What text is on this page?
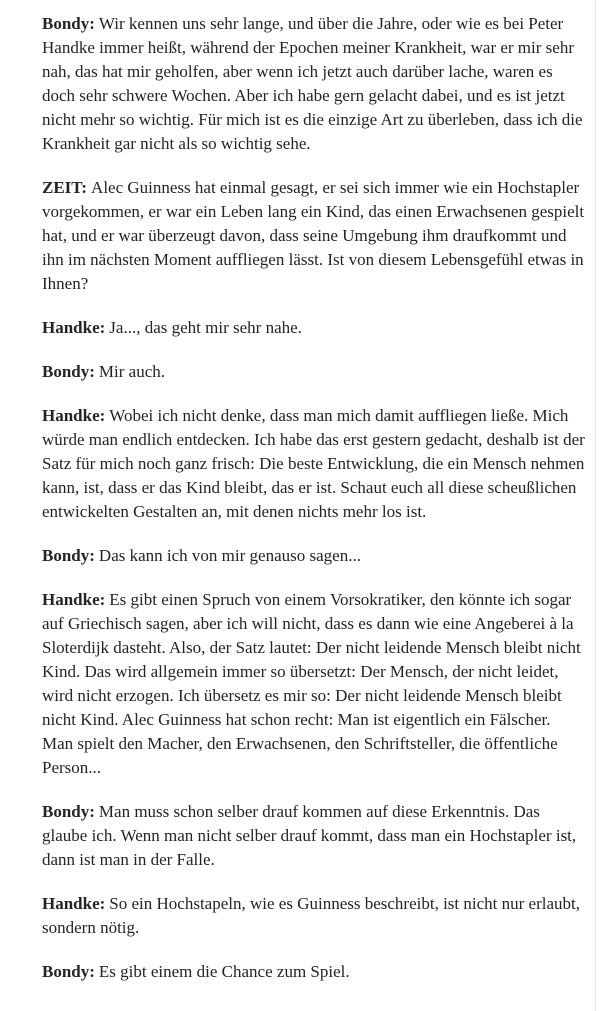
Bondy: Wir kennen uns sehr lange, und über die Jahre, oder wie es bei Peter Handke immer heißt, während der Epochen meiner Krankheit, war er mir sehr nah, das hat mir geholfen, aber wenn ich jetzt auch darüber lache, waren es doch sehr schwere Wochen. Aber ich habe gern gelacht dabei, und es ist jetzt nicht mehr so wichtig. Für mich ist es die einzige Art zu überleben, dass ich die Krankheit gar nicht als so wichtig sehe.

ZEIT: Alec Guinness hat einmal gesagt, er sei sich immer wie ein Hochstapler vorgekommen, er war ein Leben lang ein Kind, das einen Erwachsenen gespielt hat, und er war überzeugt davon, dass seine Umgebung ihm draufkommt und ihn im nächsten Moment auffliegen lässt. Ist von diesem Lebensgefühl etwas in Ihnen?

Handke: Ja..., das geht mir sehr nahe.

Bondy: Mir auch.

Handke: Wobei ich nicht denke, dass man mich damit auffliegen ließe. Mich würde man endlich entdecken. Ich habe das erst gestern gedacht, deshalb ist der Satz für mich noch ganz frisch: Die beste Entwicklung, die ein Mensch nehmen kann, ist, dass er das Kind bleibt, das er ist. Schaut euch all diese scheußlichen entwickelten Gestalten an, mit denen nichts mehr los ist.

Bondy: Das kann ich von mir genauso sagen...

Handke: Es gibt einen Spruch von einem Vorsokratiker, den könnte ich sogar auf Griechisch sagen, aber ich will nicht, dass es dann wie eine Angeberei à la Sloterdijk dasteht. Also, der Satz lautet: Der nicht leidende Mensch bleibt nicht Kind. Das wird allgemein immer so übersetzt: Der Mensch, der nicht leidet, wird nicht erzogen. Ich übersetz es mir so: Der nicht leidende Mensch bleibt nicht Kind. Alec Guinness hat schon recht: Man ist eigentlich ein Fälscher. Man spielt den Macher, den Erwachsenen, den Schriftsteller, die öffentliche Person...

Bondy: Man muss schon selber drauf kommen auf diese Erkenntnis. Das glaube ich. Wenn man nicht selber drauf kommt, dass man ein Hochstapler ist, dann ist man in der Falle.

Handke: So ein Hochstapeln, wie es Guinness beschreibt, ist nicht nur erlaubt, sondern nötig.

Bondy: Es gibt einem die Chance zum Spiel.
